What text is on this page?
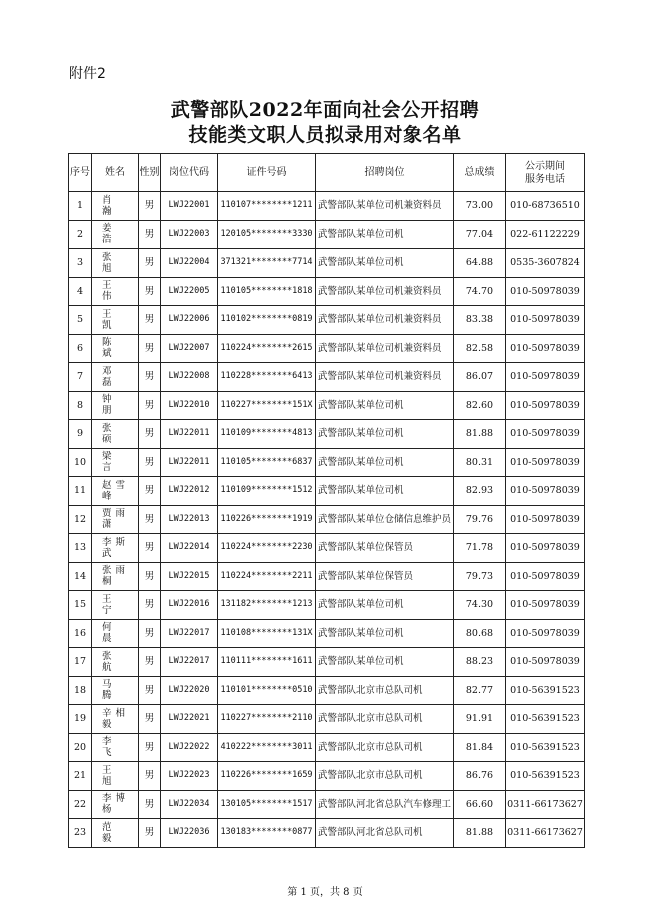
附件2
武警部队2022年面向社会公开招聘
技能类文职人员拟录用对象名单
序号	姓名	性别	岗位代码	证件号码	招聘岗位	总成绩	公示期间
服务电话
1	肖　瀚	男	LWJ22001	110107********1211	武警部队某单位司机兼资料员	73.00	010-68736510
2	姜　浩	男	LWJ22003	120105********3330	武警部队某单位司机	77.04	022-61122229
3	张　旭	男	LWJ22004	371321********7714	武警部队某单位司机	64.88	0535-3607824
4	王　伟	男	LWJ22005	110105********1818	武警部队某单位司机兼资料员	74.70	010-50978039
5	王　凯	男	LWJ22006	110102********0819	武警部队某单位司机兼资料员	83.38	010-50978039
6	陈　斌	男	LWJ22007	110224********2615	武警部队某单位司机兼资料员	82.58	010-50978039
7	邓　磊	男	LWJ22008	110228********6413	武警部队某单位司机兼资料员	86.07	010-50978039
8	钟　朋	男	LWJ22010	110227********151X	武警部队某单位司机	82.60	010-50978039
9	张　硕	男	LWJ22011	110109********4813	武警部队某单位司机	81.88	010-50978039
10	梁　言	男	LWJ22011	110105********6837	武警部队某单位司机	80.31	010-50978039
11	赵雪峰	男	LWJ22012	110109********1512	武警部队某单位司机	82.93	010-50978039
12	贾雨潇	男	LWJ22013	110226********1919	武警部队某单位仓储信息维护员	79.76	010-50978039
13	李斯武	男	LWJ22014	110224********2230	武警部队某单位保管员	71.78	010-50978039
14	张雨桐	男	LWJ22015	110224********2211	武警部队某单位保管员	79.73	010-50978039
15	王　宁	男	LWJ22016	131182********1213	武警部队某单位司机	74.30	010-50978039
16	何　晨	男	LWJ22017	110108********131X	武警部队某单位司机	80.68	010-50978039
17	张　航	男	LWJ22017	110111********1611	武警部队某单位司机	88.23	010-50978039
18	马　腾	男	LWJ22020	110101********0510	武警部队北京市总队司机	82.77	010-56391523
19	辛相毅	男	LWJ22021	110227********2110	武警部队北京市总队司机	91.91	010-56391523
20	李　飞	男	LWJ22022	410222********3011	武警部队北京市总队司机	81.84	010-56391523
21	王　旭	男	LWJ22023	110226********1659	武警部队北京市总队司机	86.76	010-56391523
22	李博杨	男	LWJ22034	130105********1517	武警部队河北省总队汽车修理工	66.60	0311-66173627
23	范　毅	男	LWJ22036	130183********0877	武警部队河北省总队司机	81.88	0311-66173627
第 1 页，共 8 页
